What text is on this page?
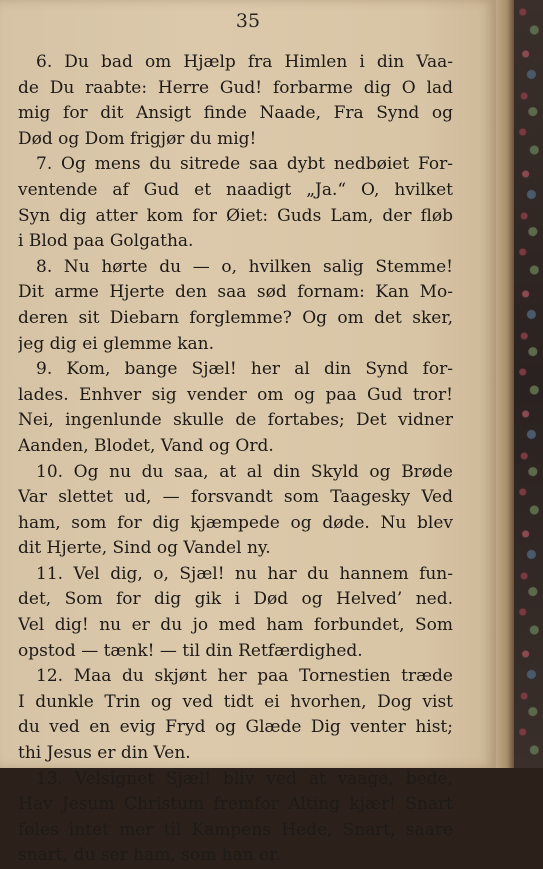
35
6. Du bad om Hjælp fra Himlen i din Vaa-
de Du raabte: Herre Gud! forbarme dig O lad
mig for dit Ansigt finde Naade, Fra Synd og
Død og Dom frigjør du mig!
7. Og mens du sitrede saa dybt nedbøiet For-
ventende af Gud et naadigt „Ja.“ O, hvilket
Syn dig atter kom for Øiet: Guds Lam, der fløb
i Blod paa Golgatha.
8. Nu hørte du — o, hvilken salig Stemme!
Dit arme Hjerte den saa sød fornam: Kan Mo-
deren sit Diebarn forglemme? Og om det sker,
jeg dig ei glemme kan.
9. Kom, bange Sjæl! her al din Synd for-
lades. Enhver sig vender om og paa Gud tror!
Nei, ingenlunde skulle de fortabes; Det vidner
Aanden, Blodet, Vand og Ord.
10. Og nu du saa, at al din Skyld og Brøde
Var slettet ud, — forsvandt som Taagesky Ved
ham, som for dig kjæmpede og døde. Nu blev
dit Hjerte, Sind og Vandel ny.
11. Vel dig, o, Sjæl! nu har du hannem fun-
det, Som for dig gik i Død og Helved’ ned.
Vel dig! nu er du jo med ham forbundet, Som
opstod — tænk! — til din Retfærdighed.
12. Maa du skjønt her paa Tornestien træde
I dunkle Trin og ved tidt ei hvorhen, Dog vist
du ved en evig Fryd og Glæde Dig venter hist;
thi Jesus er din Ven.
13. Velsignet Sjæl! bliv ved at vaage, bede,
Hav Jesum Christum fremfor Alting kjær! Snart
føles intet mer til Kampens Hede, Snart, saare
snart, du ser ham, som han er.
